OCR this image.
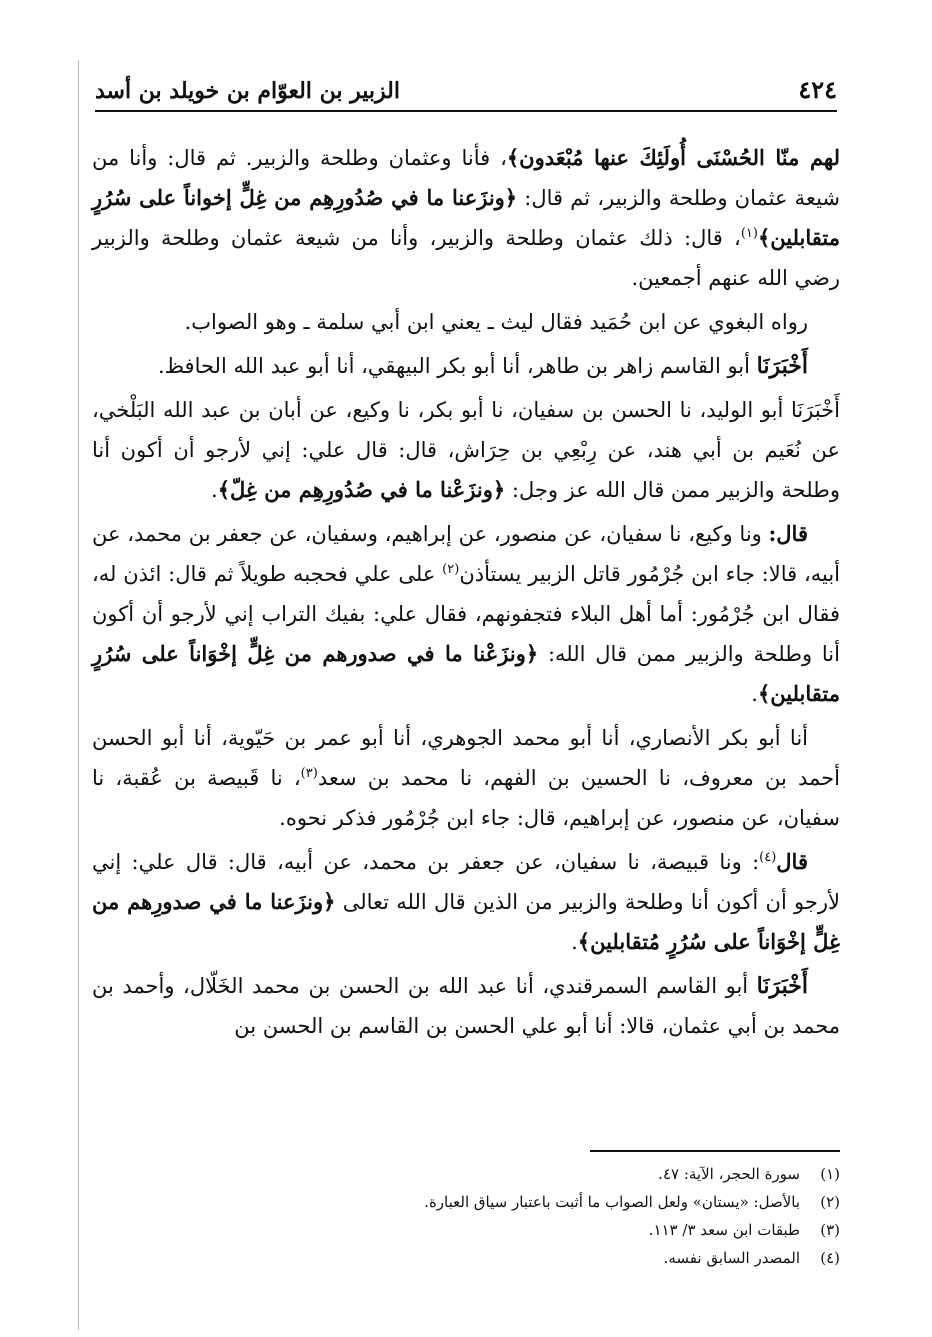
٤٢٤
الزبير بن العوّام بن خويلد بن أسد

لهم منّا الحُسْنَى أُولَئِكَ عنها مُبْعَدون﴾، فأنا وعثمان وطلحة والزبير. ثم قال: وأنا من شيعة عثمان وطلحة والزبير، ثم قال: ﴿ونزَعنا ما في صُدُورِهِم من غِلٍّ إخواناً على سُرُرٍ متقابلين﴾$^{(١)}$، قال: ذلك عثمان وطلحة والزبير، وأنا من شيعة عثمان وطلحة والزبير رضي الله عنهم أجمعين.

رواه البغوي عن ابن حُمَيد فقال ليث ـ يعني ابن أبي سلمة ـ وهو الصواب.

أَخْبَرَنَا أبو القاسم زاهر بن طاهر، أنا أبو بكر البيهقي، أنا أبو عبد الله الحافظ.

أَخْبَرَنَا أبو الوليد، نا الحسن بن سفيان، نا أبو بكر، نا وكيع، عن أبان بن عبد الله البَلْخي، عن نُعَيم بن أبي هند، عن رِبْعِي بن حِرَاش، قال: قال علي: إني لأرجو أن أكون أنا وطلحة والزبير ممن قال الله عز وجل: ﴿ونزَعْنا ما في صُدُورِهِم من غِلّ﴾.

قال: ونا وكيع، نا سفيان، عن منصور، عن إبراهيم، وسفيان، عن جعفر بن محمد، عن أبيه، قالا: جاء ابن جُرْمُور قاتل الزبير يستأذن$^{(٢)}$ على علي فحجبه طويلاً ثم قال: ائذن له، فقال ابن جُرْمُور: أما أهل البلاء فتجفونهم، فقال علي: بفيك التراب إني لأرجو أن أكون أنا وطلحة والزبير ممن قال الله: ﴿ونزَعْنا ما في صدورهم من غِلٍّ إخْوَاناً على سُرُرٍ متقابلين﴾.

أنا أبو بكر الأنصاري، أنا أبو محمد الجوهري، أنا أبو عمر بن حَيّوية، أنا أبو الحسن أحمد بن معروف، نا الحسين بن الفهم، نا محمد بن سعد$^{(٣)}$، نا قَبيصة بن عُقبة، نا سفيان، عن منصور، عن إبراهيم، قال: جاء ابن جُرْمُور فذكر نحوه.

قال$^{(٤)}$: ونا قبيصة، نا سفيان، عن جعفر بن محمد، عن أبيه، قال: قال علي: إني لأرجو أن أكون أنا وطلحة والزبير من الذين قال الله تعالى ﴿ونزَعنا ما في صدورِهم من غِلٍّ إخْوَاناً على سُرُرٍ مُتقابلين﴾.

أَخْبَرَنَا أبو القاسم السمرقندي، أنا عبد الله بن الحسن بن محمد الخَلّال، وأحمد بن محمد بن أبي عثمان، قالا: أنا أبو علي الحسن بن القاسم بن الحسن بن

(١)
سورة الحجر، الآية: ٤٧.
(٢)
بالأصل: «يستان» ولعل الصواب ما أثبت باعتبار سياق العبارة.
(٣)
طبقات ابن سعد ٣/ ١١٣.
(٤)
المصدر السابق نفسه.
